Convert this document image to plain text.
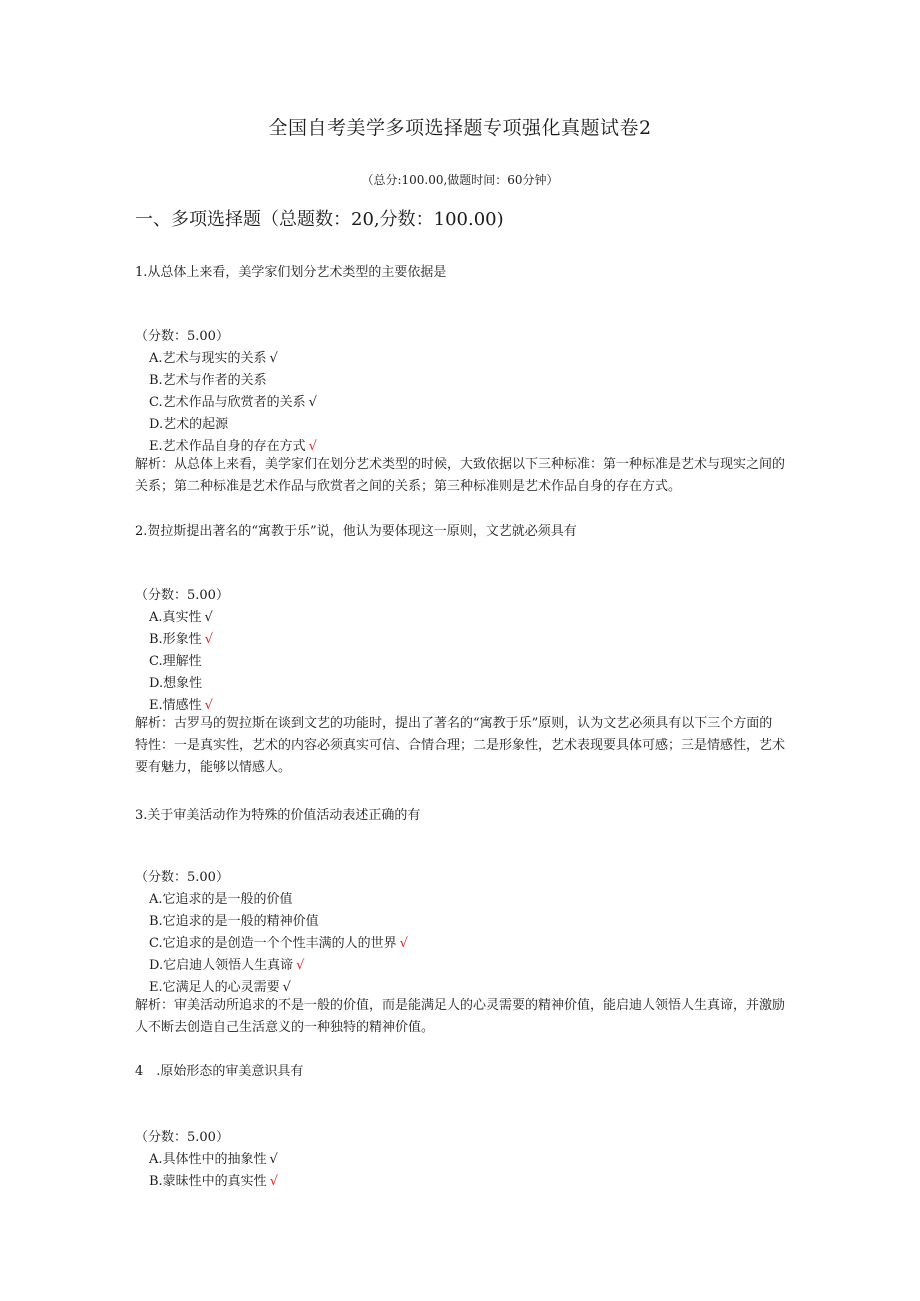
全国自考美学多项选择题专项强化真题试卷2
（总分:100.00,做题时间：60分钟）
一、多项选择题（总题数：20,分数：100.00)
1.从总体上来看，美学家们划分艺术类型的主要依据是
（分数：5.00）
A.艺术与现实的关系 √
B.艺术与作者的关系
C.艺术作品与欣赏者的关系 √
D.艺术的起源
E.艺术作品自身的存在方式 √
解析：从总体上来看，美学家们在划分艺术类型的时候，大致依据以下三种标准：第一种标准是艺术与现实之间的关系；第二种标准是艺术作品与欣赏者之间的关系；第三种标准则是艺术作品自身的存在方式。
2.贺拉斯提出著名的“寓教于乐”说，他认为要体现这一原则，文艺就必须具有
（分数：5.00）
A.真实性 √
B.形象性 √
C.理解性
D.想象性
E.情感性 √
解析：古罗马的贺拉斯在谈到文艺的功能时，提出了著名的“寓教于乐”原则，认为文艺必须具有以下三个方面的特性：一是真实性，艺术的内容必须真实可信、合情合理；二是形象性，艺术表现要具体可感；三是情感性，艺术要有魅力，能够以情感人。
3.关于审美活动作为特殊的价值活动表述正确的有
（分数：5.00）
A.它追求的是一般的价值
B.它追求的是一般的精神价值
C.它追求的是创造一个个性丰满的人的世界 √
D.它启迪人领悟人生真谛 √
E.它满足人的心灵需要 √
解析：审美活动所追求的不是一般的价值，而是能满足人的心灵需要的精神价值，能启迪人领悟人生真谛，并激励人不断去创造自己生活意义的一种独特的精神价值。
4　.原始形态的审美意识具有
（分数：5.00）
A.具体性中的抽象性 √
B.蒙昧性中的真实性 √
